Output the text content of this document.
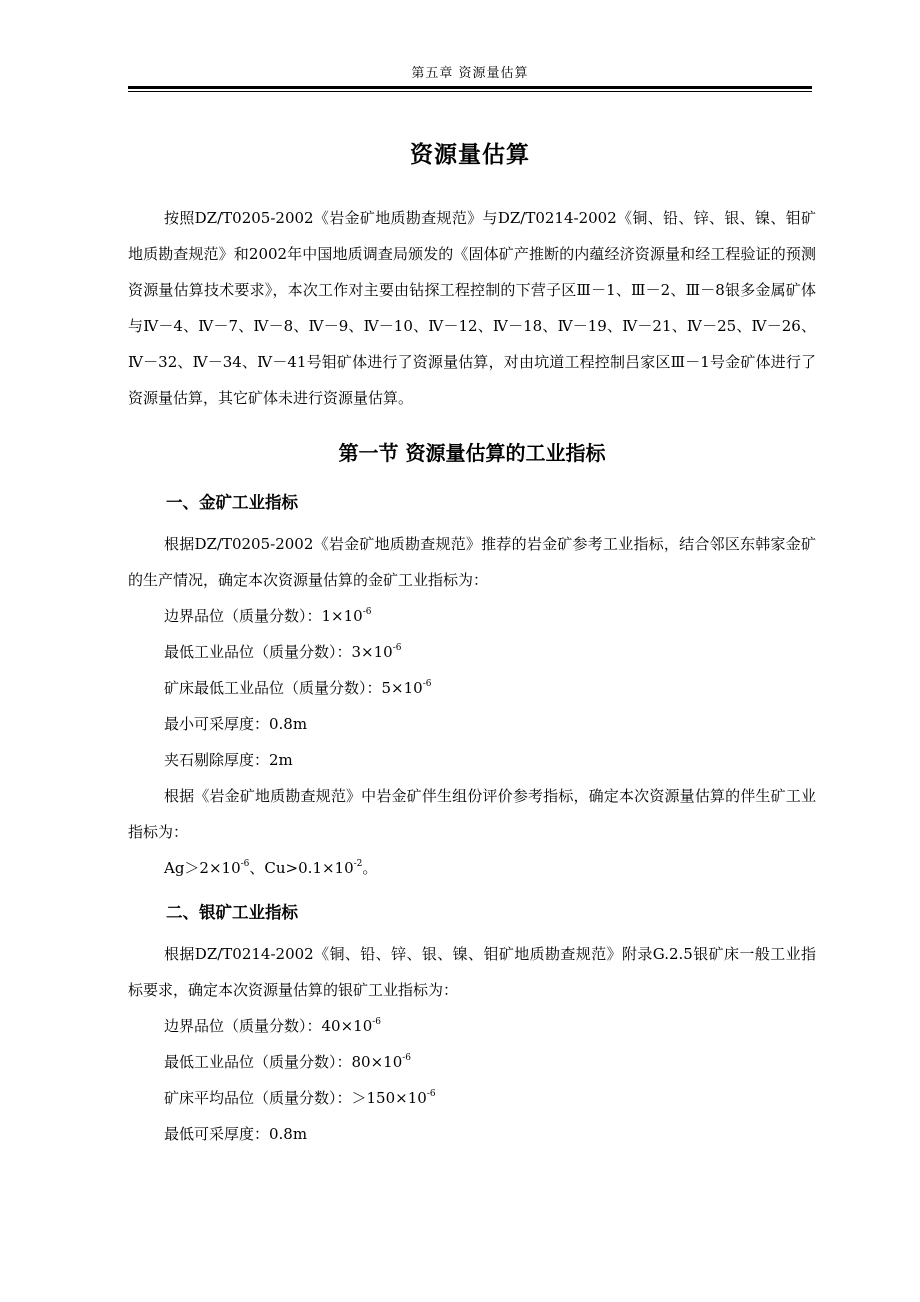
第五章 资源量估算
资源量估算

按照DZ/T0205-2002《岩金矿地质勘查规范》与DZ/T0214-2002《铜、铅、锌、银、镍、钼矿地质勘查规范》和2002年中国地质调查局颁发的《固体矿产推断的内蕴经济资源量和经工程验证的预测资源量估算技术要求》，本次工作对主要由钻探工程控制的下营子区Ⅲ－1、Ⅲ－2、Ⅲ－8银多金属矿体与Ⅳ－4、Ⅳ－7、Ⅳ－8、Ⅳ－9、Ⅳ－10、Ⅳ－12、Ⅳ－18、Ⅳ－19、Ⅳ－21、Ⅳ－25、Ⅳ－26、Ⅳ－32、Ⅳ－34、Ⅳ－41号钼矿体进行了资源量估算，对由坑道工程控制吕家区Ⅲ－1号金矿体进行了资源量估算，其它矿体未进行资源量估算。

第一节 资源量估算的工业指标
一、金矿工业指标

根据DZ/T0205-2002《岩金矿地质勘查规范》推荐的岩金矿参考工业指标，结合邻区东韩家金矿的生产情况，确定本次资源量估算的金矿工业指标为：

边界品位（质量分数）：$1\times 10^{-6}$

最低工业品位（质量分数）：$3\times 10^{-6}$

矿床最低工业品位（质量分数）：$5\times 10^{-6}$

最小可采厚度：0.8m

夹石剔除厚度：2m

根据《岩金矿地质勘查规范》中岩金矿伴生组份评价参考指标，确定本次资源量估算的伴生矿工业指标为：

$Ag>2\times 10^{-6}$、$Cu>0.1\times 10^{-2}$。

二、银矿工业指标

根据DZ/T0214-2002《铜、铅、锌、银、镍、钼矿地质勘查规范》附录G.2.5银矿床一般工业指标要求，确定本次资源量估算的银矿工业指标为：

边界品位（质量分数）：$40\times 10^{-6}$

最低工业品位（质量分数）：$80\times 10^{-6}$

矿床平均品位（质量分数）：$>150\times 10^{-6}$

最低可采厚度：0.8m
